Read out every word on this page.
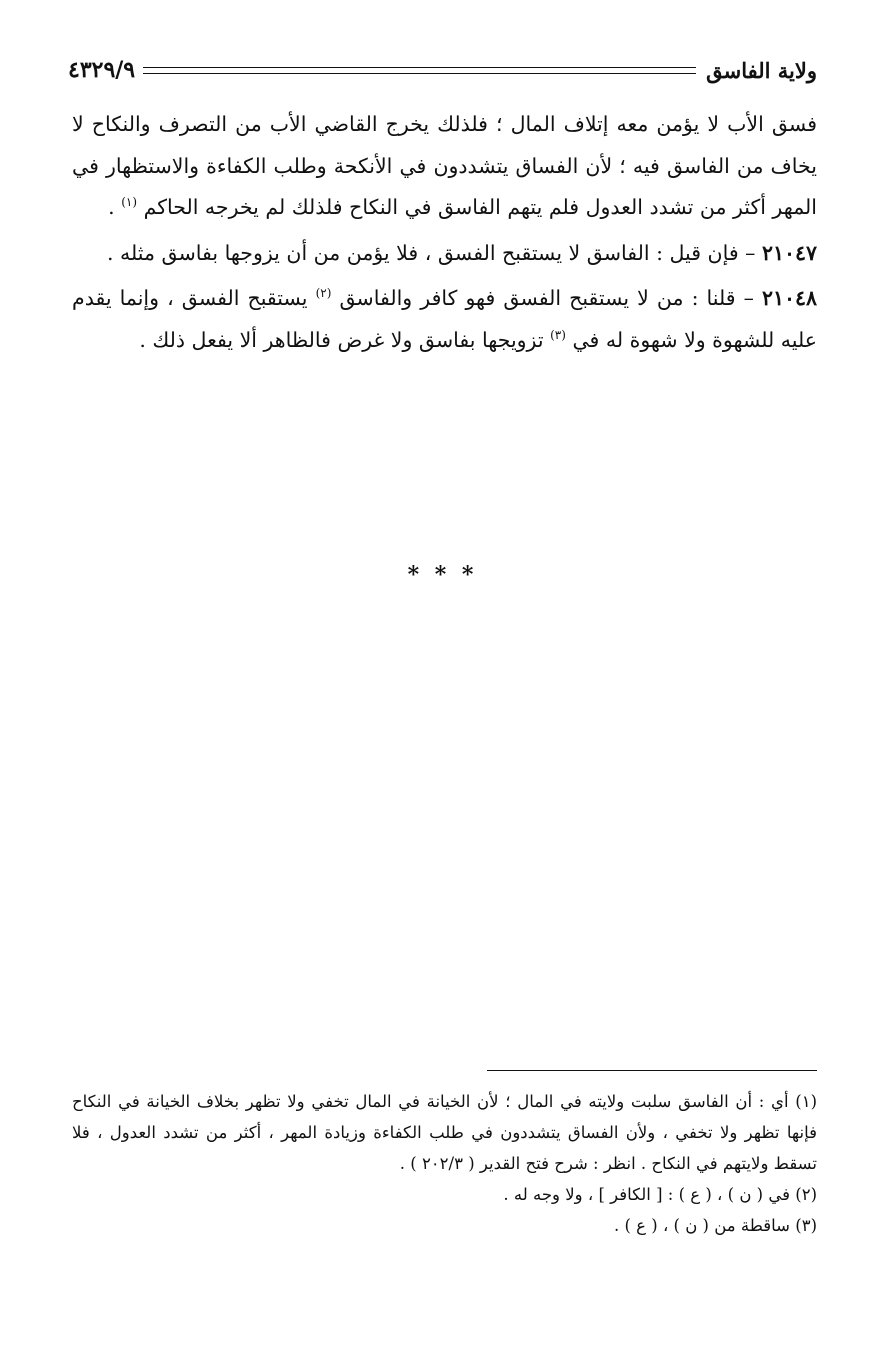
ولاية الفاسق
٤٣٢٩/٩

فسق الأب لا يؤمن معه إتلاف المال ؛ فلذلك يخرج القاضي الأب من التصرف والنكاح لا يخاف من الفاسق فيه ؛ لأن الفساق يتشددون في الأنكحة وطلب الكفاءة والاستظهار في المهر أكثر من تشدد العدول فلم يتهم الفاسق في النكاح فلذلك لم يخرجه الحاكم $^{(١)}$ .

٢١٠٤٧ – فإن قيل : الفاسق لا يستقبح الفسق ، فلا يؤمن من أن يزوجها بفاسق مثله .

٢١٠٤٨ – قلنا : من لا يستقبح الفسق فهو كافر والفاسق $^{(٢)}$ يستقبح الفسق ، وإنما يقدم عليه للشهوة ولا شهوة له في $^{(٣)}$ تزويجها بفاسق ولا غرض فالظاهر ألا يفعل ذلك .

* * *

(١) أي : أن الفاسق سلبت ولايته في المال ؛ لأن الخيانة في المال تخفي ولا تظهر بخلاف الخيانة في النكاح فإنها تظهر ولا تخفي ، ولأن الفساق يتشددون في طلب الكفاءة وزيادة المهر ، أكثر من تشدد العدول ، فلا تسقط ولايتهم في النكاح . انظر : شرح فتح القدير ( ٢٠٢/٣ ) .

(٢) في ( ن ) ، ( ع ) : [ الكافر ] ، ولا وجه له .

(٣) ساقطة من ( ن ) ، ( ع ) .
